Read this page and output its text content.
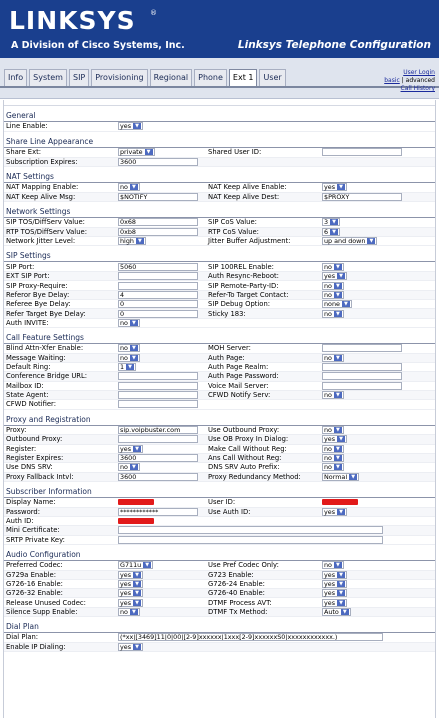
LINKSYS ®
A Division of Cisco Systems, Inc.	Linksys Telephone Configuration
Info	System	SIP	Provisioning	Regional	Phone	Ext 1	User
User Login
basic | advanced
Call History
General
Line Enable:	yes ▼		
Share Line Appearance
Share Ext:	private ▼	Shared User ID:	
Subscription Expires:	3600		
NAT Settings
NAT Mapping Enable:	no ▼	NAT Keep Alive Enable:	yes ▼
NAT Keep Alive Msg:	$NOTIFY	NAT Keep Alive Dest:	$PROXY
Network Settings
SIP TOS/DiffServ Value:	0x68	SIP CoS Value:	3 ▼
RTP TOS/DiffServ Value:	0xb8	RTP CoS Value:	6 ▼
Network Jitter Level:	high ▼	Jitter Buffer Adjustment:	up and down ▼
SIP Settings
SIP Port:	5060	SIP 100REL Enable:	no ▼
EXT SIP Port:		Auth Resync-Reboot:	yes ▼
SIP Proxy-Require:		SIP Remote-Party-ID:	no ▼
Referor Bye Delay:	4	Refer-To Target Contact:	no ▼
Referee Bye Delay:	0	SIP Debug Option:	none ▼
Refer Target Bye Delay:	0	Sticky 183:	no ▼
Auth INVITE:	no ▼		
Call Feature Settings
Blind Attn-Xfer Enable:	no ▼	MOH Server:	
Message Waiting:	no ▼	Auth Page:	no ▼
Default Ring:	1 ▼	Auth Page Realm:	
Conference Bridge URL:		Auth Page Password:	
Mailbox ID:		Voice Mail Server:	
State Agent:		CFWD Notify Serv:	no ▼
CFWD Notifier:			
Proxy and Registration
Proxy:	sip.voipbuster.com	Use Outbound Proxy:	no ▼
Outbound Proxy:		Use OB Proxy In Dialog:	yes ▼
Register:	yes ▼	Make Call Without Reg:	no ▼
Register Expires:	3600	Ans Call Without Reg:	no ▼
Use DNS SRV:	no ▼	DNS SRV Auto Prefix:	no ▼
Proxy Fallback Intvl:	3600	Proxy Redundancy Method:	Normal ▼
Subscriber Information
Display Name:		User ID:	
Password:	************	Use Auth ID:	yes ▼
Auth ID:			
Mini Certificate:			
SRTP Private Key:			
Audio Configuration
Preferred Codec:	G711u ▼	Use Pref Codec Only:	no ▼
G729a Enable:	yes ▼	G723 Enable:	yes ▼
G726-16 Enable:	yes ▼	G726-24 Enable:	yes ▼
G726-32 Enable:	yes ▼	G726-40 Enable:	yes ▼
Release Unused Codec:	yes ▼	DTMF Process AVT:	yes ▼
Silence Supp Enable:	no ▼	DTMF Tx Method:	Auto ▼
Dial Plan
Dial Plan:	(*xx|[3469]11|0|00|[2-9]xxxxxx|1xxx[2-9]xxxxxxS0|xxxxxxxxxxxx.)		
Enable IP Dialing:	yes ▼		
